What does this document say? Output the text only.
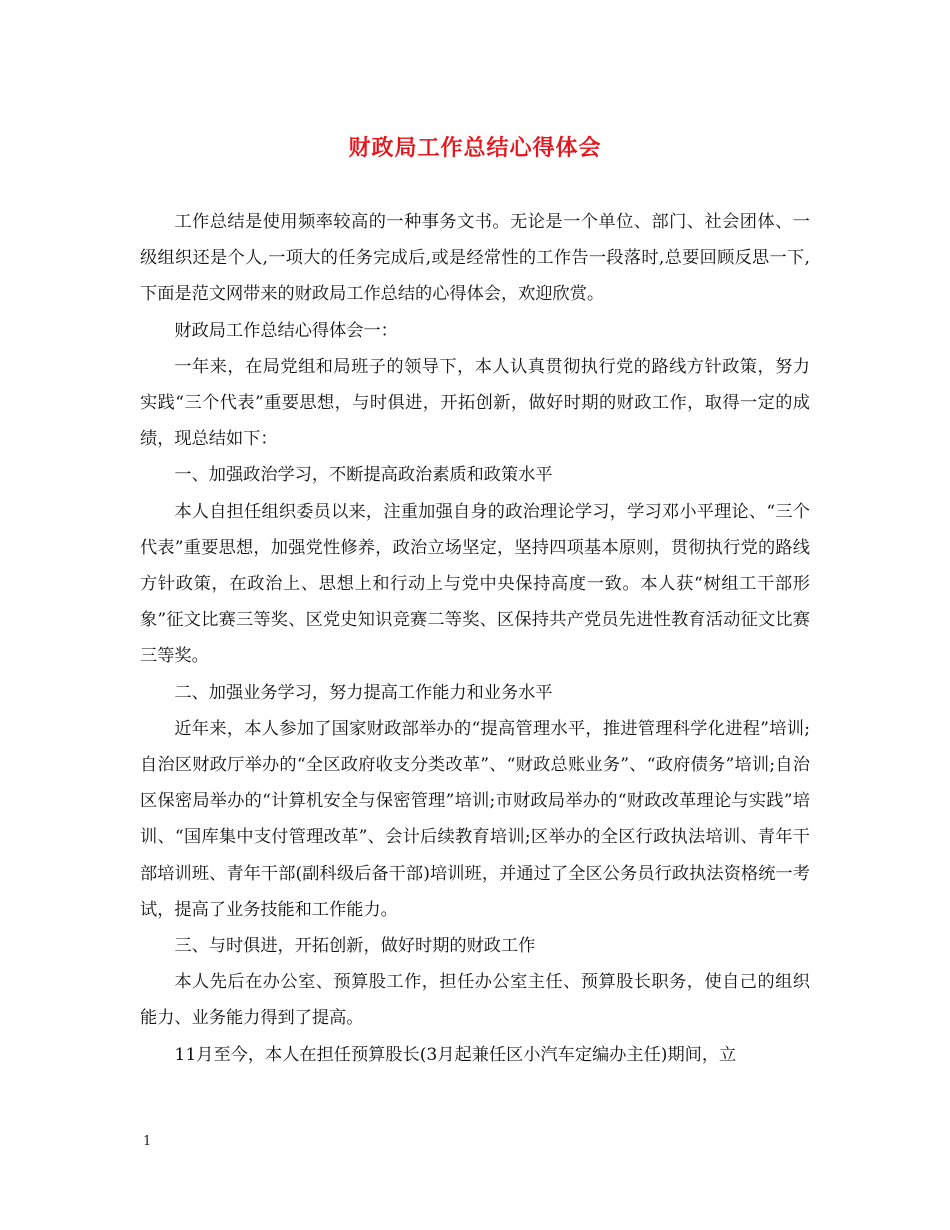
财政局工作总结心得体会

工作总结是使用频率较高的一种事务文书。无论是一个单位、部门、社会团体、一级组织还是个人,一项大的任务完成后,或是经常性的工作告一段落时,总要回顾反思一下,下面是范文网带来的财政局工作总结的心得体会，欢迎欣赏。

财政局工作总结心得体会一：

一年来，在局党组和局班子的领导下，本人认真贯彻执行党的路线方针政策，努力实践“三个代表”重要思想，与时俱进，开拓创新，做好时期的财政工作，取得一定的成绩，现总结如下：

一、加强政治学习，不断提高政治素质和政策水平

本人自担任组织委员以来，注重加强自身的政治理论学习，学习邓小平理论、“三个代表”重要思想，加强党性修养，政治立场坚定，坚持四项基本原则，贯彻执行党的路线方针政策，在政治上、思想上和行动上与党中央保持高度一致。本人获“树组工干部形象”征文比赛三等奖、区党史知识竞赛二等奖、区保持共产党员先进性教育活动征文比赛三等奖。

二、加强业务学习，努力提高工作能力和业务水平

近年来，本人参加了国家财政部举办的“提高管理水平，推进管理科学化进程”培训;自治区财政厅举办的“全区政府收支分类改革”、“财政总账业务”、“政府债务”培训;自治区保密局举办的“计算机安全与保密管理”培训;市财政局举办的“财政改革理论与实践”培训、“国库集中支付管理改革”、会计后续教育培训;区举办的全区行政执法培训、青年干部培训班、青年干部(副科级后备干部)培训班，并通过了全区公务员行政执法资格统一考试，提高了业务技能和工作能力。

三、与时俱进，开拓创新，做好时期的财政工作

本人先后在办公室、预算股工作，担任办公室主任、预算股长职务，使自己的组织能力、业务能力得到了提高。

11月至今，本人在担任预算股长(3月起兼任区小汽车定编办主任)期间，立

1
